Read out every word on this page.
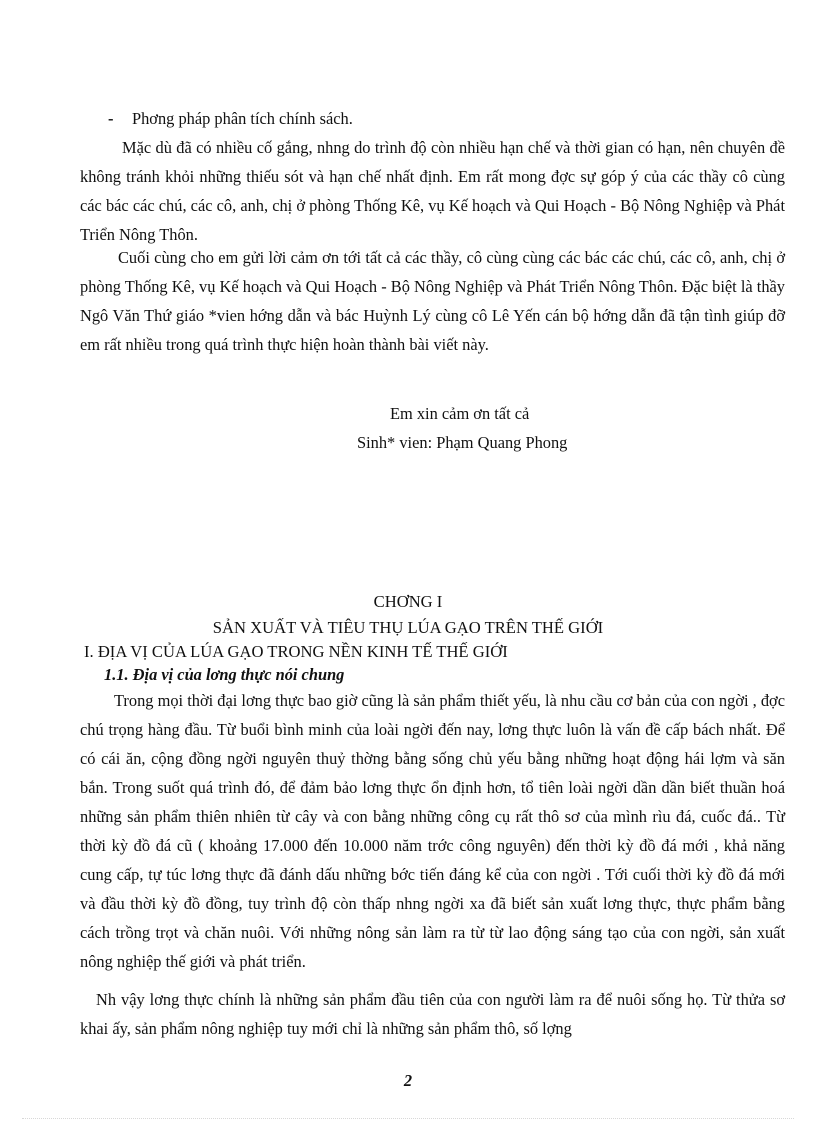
- Phơng pháp phân tích chính sách.

Mặc dù đã có nhiều cố gắng, nhng do trình độ còn nhiều hạn chế và thời gian có hạn, nên chuyên đề không tránh khỏi những thiếu sót và hạn chế nhất định. Em rất mong đợc sự góp ý của các thầy cô cùng các bác các chú, các cô, anh, chị ở phòng Thống Kê, vụ Kế hoạch và Qui Hoạch - Bộ Nông Nghiệp và Phát Triển Nông Thôn.

Cuối cùng cho em gửi lời cảm ơn tới tất cả các thầy, cô cùng cùng các bác các chú, các cô, anh, chị ở phòng Thống Kê, vụ Kế hoạch và Qui Hoạch - Bộ Nông Nghiệp và Phát Triển Nông Thôn. Đặc biệt là thầy Ngô Văn Thứ giáo *vien hớng dẫn và bác Huỳnh Lý cùng cô Lê Yến cán bộ hớng dẫn đã tận tình giúp đỡ em rất nhiều trong quá trình thực hiện hoàn thành bài viết này.

Em xin cảm ơn tất cả
Sinh* vien: Phạm Quang Phong
CHƠNG I
SẢN XUẤT VÀ TIÊU THỤ LÚA GẠO TRÊN THẾ GIỚI
I. ĐỊA VỊ CỦA LÚA GẠO TRONG NỀN KINH TẾ THẾ GIỚI
1.1. Địa vị của lơng thực nói chung

Trong mọi thời đại lơng thực bao giờ cũng là sản phẩm thiết yếu, là nhu cầu cơ bản của con ngời , đợc chú trọng hàng đầu. Từ buổi bình minh của loài ngời đến nay, lơng thực luôn là vấn đề cấp bách nhất. Để có cái ăn, cộng đồng ngời nguyên thuỷ thờng bằng sống chủ yếu bằng những hoạt động hái lợm và săn bắn. Trong suốt quá trình đó, để đảm bảo lơng thực ổn định hơn, tổ tiên loài ngời dần dần biết thuần hoá những sản phẩm thiên nhiên từ cây và con bằng những công cụ rất thô sơ của mình rìu đá, cuốc đá.. Từ thời kỳ đồ đá cũ ( khoảng 17.000 đến 10.000 năm trớc công nguyên) đến thời kỳ đồ đá mới , khả năng cung cấp, tự túc lơng thực đã đánh dấu những bớc tiến đáng kể của con ngời . Tới cuối thời kỳ đồ đá mới và đầu thời kỳ đồ đồng, tuy trình độ còn thấp nhng ngời xa đã biết sản xuất lơng thực, thực phẩm bằng cách trồng trọt và chăn nuôi. Với những nông sản làm ra từ từ lao động sáng tạo của con ngời, sản xuất nông nghiệp thế giới và phát triển.

Nh vậy lơng thực chính là những sản phẩm đầu tiên của con người làm ra để nuôi sống họ. Từ thửa sơ khai ấy, sản phẩm nông nghiệp tuy mới chỉ là những sản phẩm thô, số lợng

2
